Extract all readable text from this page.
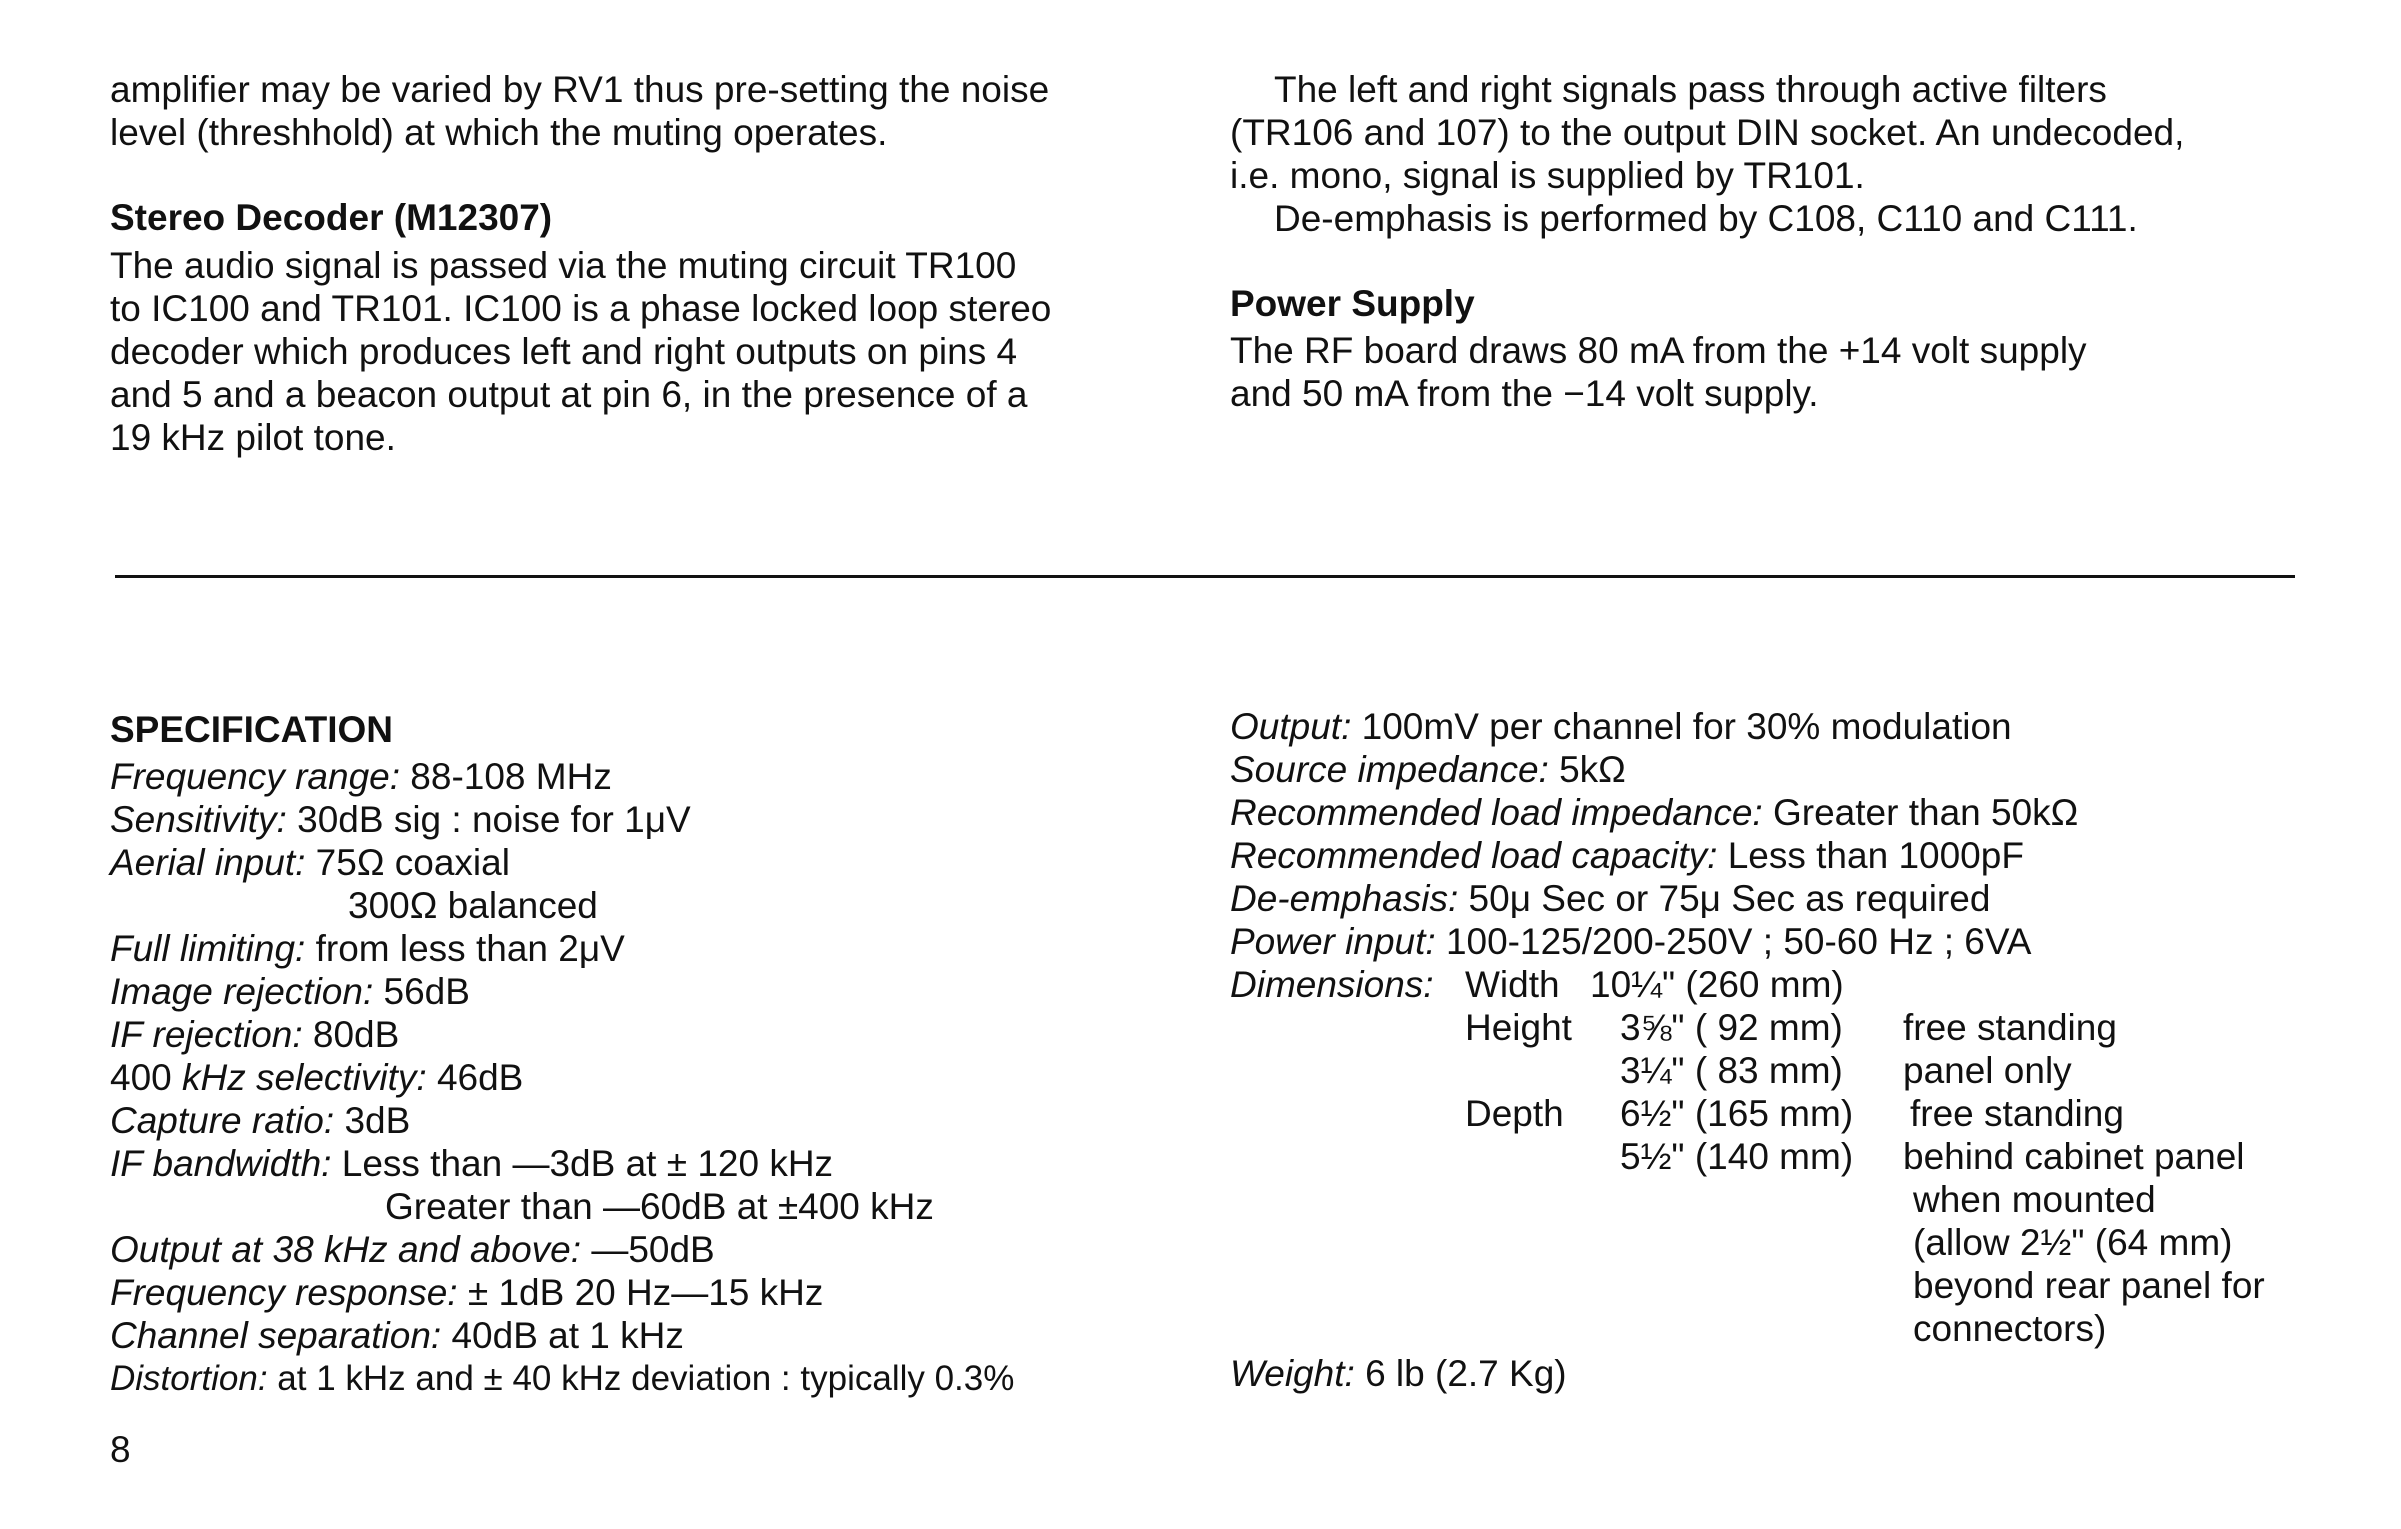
amplifier may be varied by RV1 thus pre-setting the noise

level (threshhold) at which the muting operates.

Stereo Decoder (M12307)

The audio signal is passed via the muting circuit TR100

to IC100 and TR101. IC100 is a phase locked loop stereo

decoder which produces left and right outputs on pins 4

and 5 and a beacon output at pin 6, in the presence of a

19 kHz pilot tone.

The left and right signals pass through active filters

(TR106 and 107) to the output DIN socket. An undecoded,

i.e. mono, signal is supplied by TR101.

De-emphasis is performed by C108, C110 and C111.

Power Supply

The RF board draws 80 mA from the +14 volt supply

and 50 mA from the −14 volt supply.

SPECIFICATION

Frequency range: 88-108 MHz

Sensitivity: 30dB sig : noise for 1μV

Aerial input: 75Ω coaxial

300Ω balanced

Full limiting: from less than 2μV

Image rejection: 56dB

IF rejection: 80dB

400 kHz selectivity: 46dB

Capture ratio: 3dB

IF bandwidth: Less than —3dB at ± 120 kHz

Greater than —60dB at ±400 kHz

Output at 38 kHz and above: —50dB

Frequency response: ± 1dB 20 Hz—15 kHz

Channel separation: 40dB at 1 kHz

Distortion: at 1 kHz and ± 40 kHz deviation : typically 0.3%

Output: 100mV per channel for 30% modulation

Source impedance: 5kΩ

Recommended load impedance: Greater than 50kΩ

Recommended load capacity: Less than 1000pF

De-emphasis: 50μ Sec or 75μ Sec as required

Power input: 100-125/200-250V ; 50-60 Hz ; 6VA

Dimensions: Width 10¼" (260 mm)
Height 3⅝" ( 92 mm) free standing
3¼" ( 83 mm) panel only
Depth 6½" (165 mm) free standing
5½" (140 mm) behind cabinet panel
when mounted
(allow 2½" (64 mm)
beyond rear panel for
connectors)

Weight: 6 lb (2.7 Kg)

8
